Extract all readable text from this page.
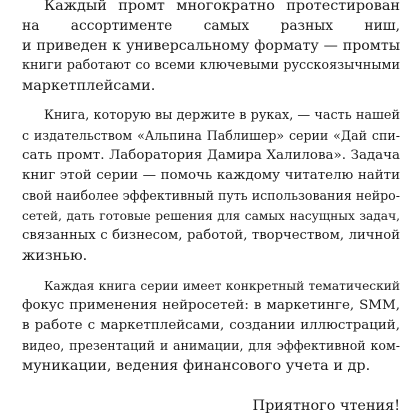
Каждый промт многократно протестирован
на ассортименте самых разных ниш,
и приведен к универсальному формату — промты
книги работают со всеми ключевыми русскоязычными
маркетплейсами.
Книга, которую вы держите в руках, — часть нашей
с издательством «Альпина Паблишер» серии «Дай спи-
сать промт. Лаборатория Дамира Халилова». Задача
книг этой серии — помочь каждому читателю найти
свой наиболее эффективный путь использования нейро-
сетей, дать готовые решения для самых насущных задач,
связанных с бизнесом, работой, творчеством, личной
жизнью.
Каждая книга серии имеет конкретный тематический
фокус применения нейросетей: в маркетинге, SMM,
в работе с маркетплейсами, создании иллюстраций,
видео, презентаций и анимации, для эффективной ком-
муникации, ведения финансового учета и др.
Приятного чтения!
